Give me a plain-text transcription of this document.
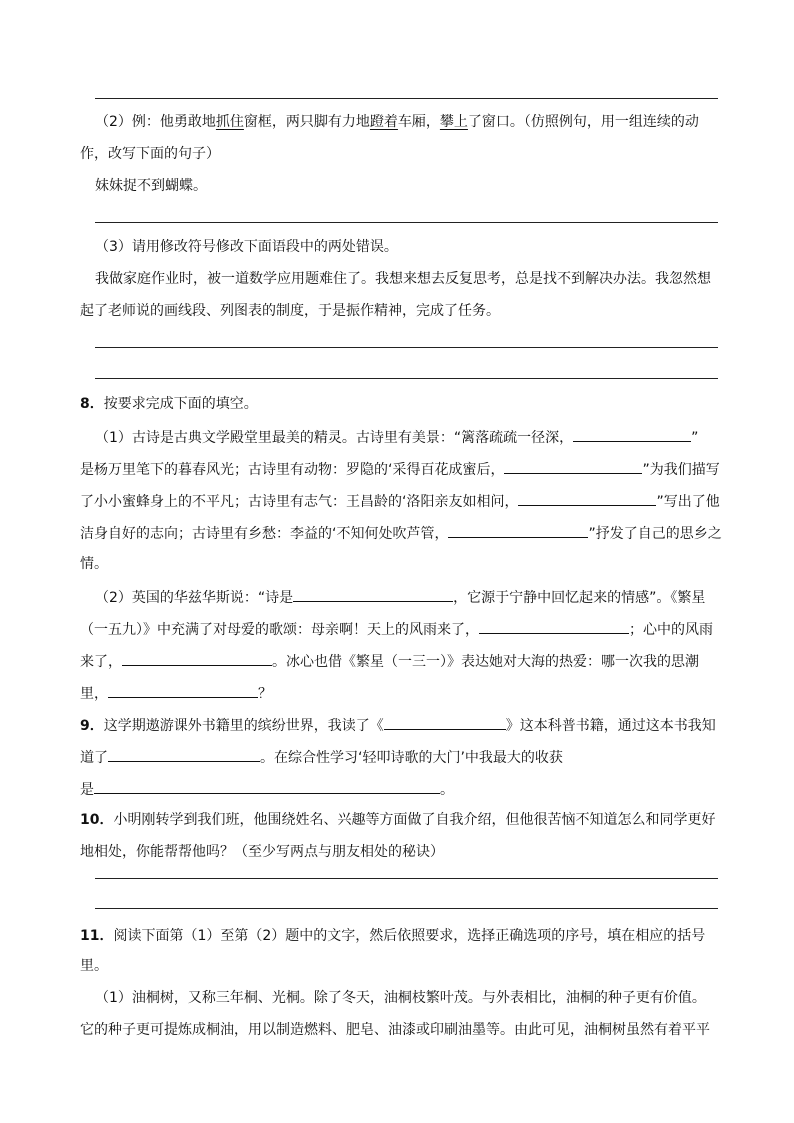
（2）例：他勇敢地抓住窗框，两只脚有力地蹬着车厢，攀上了窗口。（仿照例句，用一组连续的动
作，改写下面的句子）
妹妹捉不到蝴蝶。
（3）请用修改符号修改下面语段中的两处错误。
我做家庭作业时，被一道数学应用题难住了。我想来想去反复思考，总是找不到解决办法。我忽然想
起了老师说的画线段、列图表的制度，于是振作精神，完成了任务。
8．按要求完成下面的填空。
（1）古诗是古典文学殿堂里最美的精灵。古诗里有美景：“篱落疏疏一径深，	”
是杨万里笔下的暮春风光；古诗里有动物：罗隐的‘采得百花成蜜后，	”为我们描写
了小小蜜蜂身上的不平凡；古诗里有志气：王昌龄的‘洛阳亲友如相问，	”写出了他
洁身自好的志向；古诗里有乡愁：李益的‘不知何处吹芦管，	”抒发了自己的思乡之
情。
（2）英国的华兹华斯说：“诗是	，它源于宁静中回忆起来的情感”。《繁星
（一五九）》中充满了对母爱的歌颂：母亲啊！天上的风雨来了，	；心中的风雨
来了，	。冰心也借《繁星（一三一）》表达她对大海的热爱：哪一次我的思潮
里，	？
9．这学期遨游课外书籍里的缤纷世界，我读了《	》这本科普书籍，通过这本书我知
道了	。在综合性学习‘轻叩诗歌的大门’中我最大的收获
是	。
10．小明刚转学到我们班，他围绕姓名、兴趣等方面做了自我介绍，但他很苦恼不知道怎么和同学更好
地相处，你能帮帮他吗？（至少写两点与朋友相处的秘诀）
11．阅读下面第（1）至第（2）题中的文字，然后依照要求，选择正确选项的序号，填在相应的括号
里。
（1）油桐树，又称三年桐、光桐。除了冬天，油桐枝繁叶茂。与外表相比，油桐的种子更有价值。
它的种子更可提炼成桐油，用以制造燃料、肥皂、油漆或印刷油墨等。由此可见，油桐树虽然有着平平
